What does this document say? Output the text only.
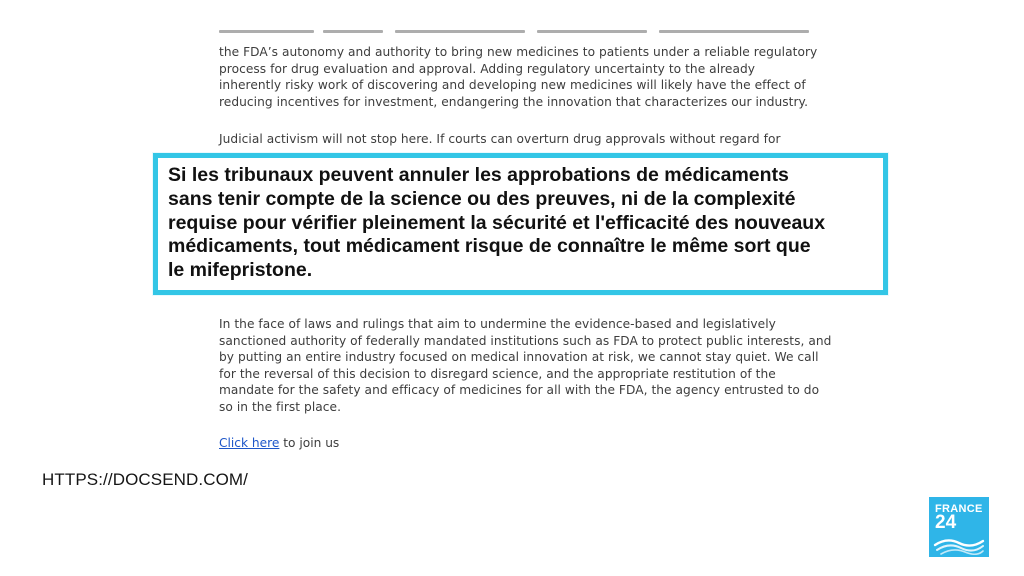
the FDA’s autonomy and authority to bring new medicines to patients under a reliable regulatory
process for drug evaluation and approval. Adding regulatory uncertainty to the already
inherently risky work of discovering and developing new medicines will likely have the effect of
reducing incentives for investment, endangering the innovation that characterizes our industry.
Judicial activism will not stop here. If courts can overturn drug approvals without regard for
In the face of laws and rulings that aim to undermine the evidence-based and legislatively
sanctioned authority of federally mandated institutions such as FDA to protect public interests, and
by putting an entire industry focused on medical innovation at risk, we cannot stay quiet. We call
for the reversal of this decision to disregard science, and the appropriate restitution of the
mandate for the safety and efficacy of medicines for all with the FDA, the agency entrusted to do
so in the first place.
Click here to join us

Si les tribunaux peuvent annuler les approbations de médicaments
sans tenir compte de la science ou des preuves, ni de la complexité
requise pour vérifier pleinement la sécurité et l'efficacité des nouveaux
médicaments, tout médicament risque de connaître le même sort que
le mifepristone.

HTTPS://DOCSEND.COM/
FRANCE
24
